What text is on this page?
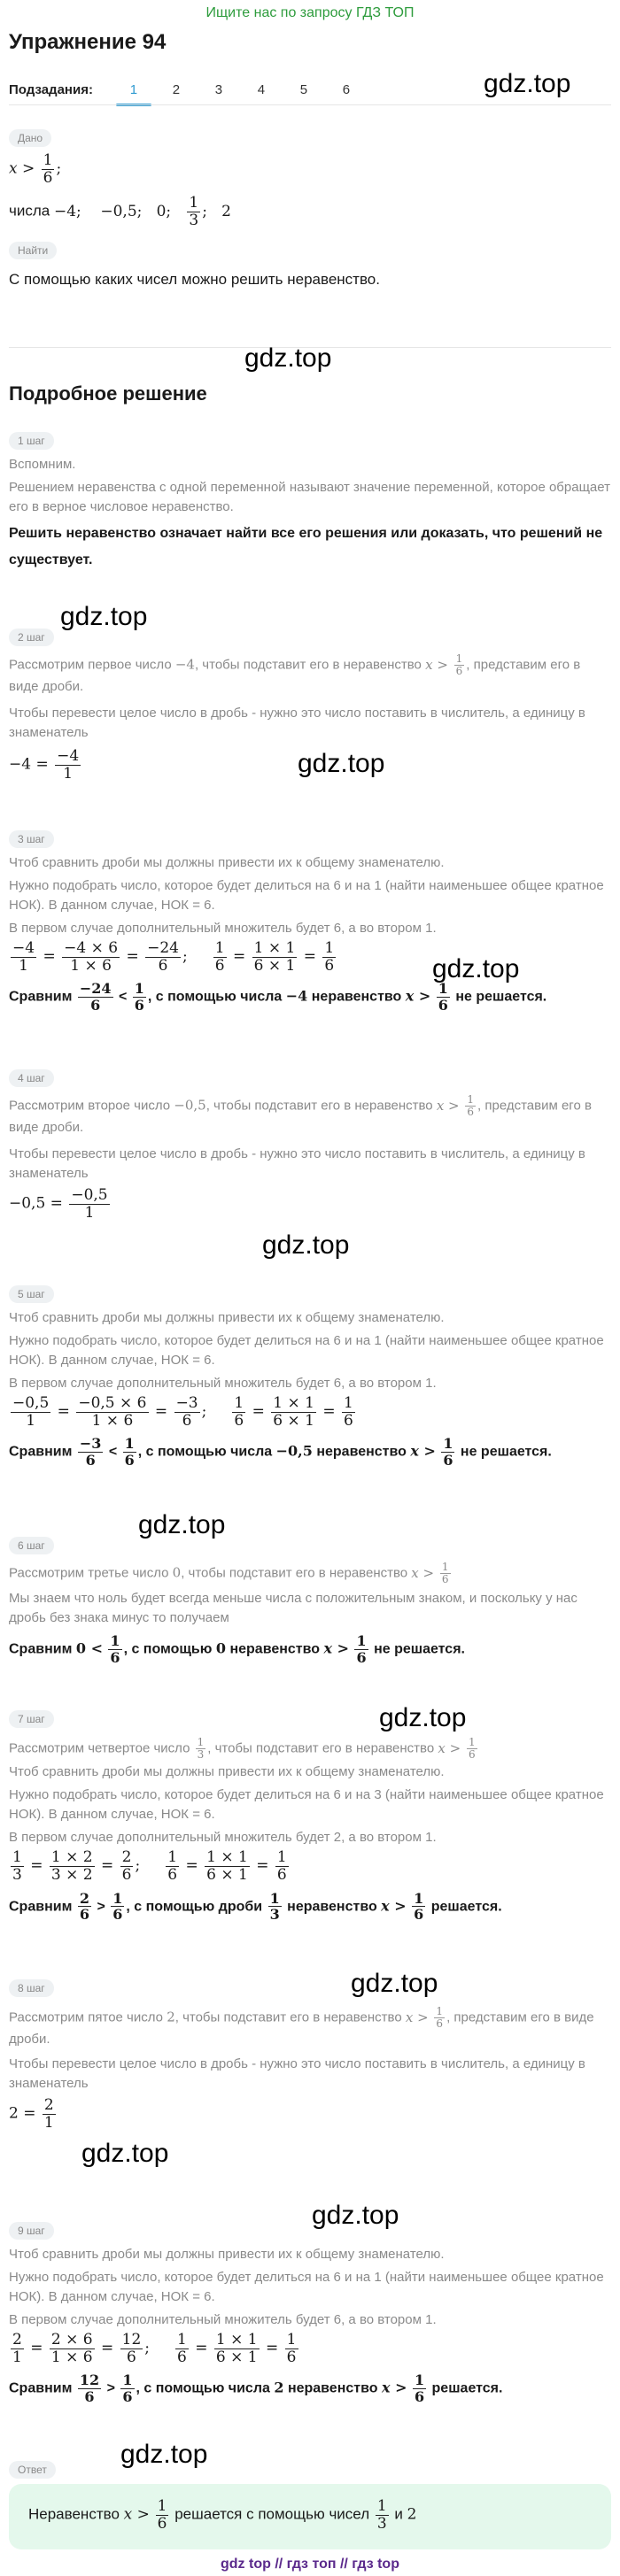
Ищите нас по запросу ГДЗ ТОП
Упражнение 94
Подзадания:	1	2	3	4	5	6	gdz.top
Дано
$x > \frac{1}{6}$ ;
числа −4;    −0,5;   0; $\frac{1}{3}$ ;   2
Найти
С помощью каких чисел можно решить неравенство.
gdz.top
Подробное решение
1 шаг
Вспомним.
Решением неравенства с одной переменной называют значение переменной, которое обращает его в верное числовое неравенство.
Решить неравенство означает найти все его решения или доказать, что решений не существует.
2 шаг
Рассмотрим первое число −4, чтобы подставит его в неравенство $x > \frac{1}{6}$ , представим его в виде дроби.
Чтобы перевести целое число в дробь - нужно это число поставить в числитель, а единицу в знаменатель
$-4 = \frac{-4}{1}$
gdz.top
gdz.top
3 шаг
Чтоб сравнить дроби мы должны привести их к общему знаменателю.
Нужно подобрать число, которое будет делиться на 6 и на 1 (найти наименьшее общее кратное НОК). В данном случае, НОК = 6.
В первом случае дополнительный множитель будет 6, а во втором 1.
$\frac{-4}{1} = \frac{-4 \times 6}{1 \times 6} = \frac{-24}{6}$ ; $\frac{1}{6} = \frac{1 \times 1}{6 \times 1} = \frac{1}{6}$
Сравним $\frac{-24}{6} < \frac{1}{6}$ , с помощью числа −4 неравенство $x > \frac{1}{6}$ не решается.
gdz.top
4 шаг
Рассмотрим второе число −0,5, чтобы подставит его в неравенство $x > \frac{1}{6}$ , представим его в виде дроби.
Чтобы перевести целое число в дробь - нужно это число поставить в числитель, а единицу в знаменатель
$-0,5 = \frac{-0,5}{1}$
gdz.top
5 шаг
Чтоб сравнить дроби мы должны привести их к общему знаменателю.
Нужно подобрать число, которое будет делиться на 6 и на 1 (найти наименьшее общее кратное НОК). В данном случае, НОК = 6.
В первом случае дополнительный множитель будет 6, а во втором 1.
$\frac{-0,5}{1} = \frac{-0,5 \times 6}{1 \times 6} = \frac{-3}{6}$ ; $\frac{1}{6} = \frac{1 \times 1}{6 \times 1} = \frac{1}{6}$
Сравним $\frac{-3}{6} < \frac{1}{6}$ , с помощью числа −0,5 неравенство $x > \frac{1}{6}$ не решается.
gdz.top
6 шаг
Рассмотрим третье число 0, чтобы подставит его в неравенство $x > \frac{1}{6}$
Мы знаем что ноль будет всегда меньше числа с положительным знаком, и поскольку у нас дробь без знака минус то получаем
Сравним $0 < \frac{1}{6}$ , с помощью 0 неравенство $x > \frac{1}{6}$ не решается.
gdz.top
7 шаг
Рассмотрим четвертое число $\frac{1}{3}$ , чтобы подставит его в неравенство $x > \frac{1}{6}$
Чтоб сравнить дроби мы должны привести их к общему знаменателю.
Нужно подобрать число, которое будет делиться на 6 и на 3 (найти наименьшее общее кратное НОК). В данном случае, НОК = 6.
В первом случае дополнительный множитель будет 2, а во втором 1.
$\frac{1}{3} = \frac{1 \times 2}{3 \times 2} = \frac{2}{6}$ ; $\frac{1}{6} = \frac{1 \times 1}{6 \times 1} = \frac{1}{6}$
Сравним $\frac{2}{6} > \frac{1}{6}$ , с помощью дроби $\frac{1}{3}$ неравенство $x > \frac{1}{6}$ решается.
gdz.top
8 шаг
Рассмотрим пятое число 2, чтобы подставит его в неравенство $x > \frac{1}{6}$ , представим его в виде дроби.
Чтобы перевести целое число в дробь - нужно это число поставить в числитель, а единицу в знаменатель
$2 = \frac{2}{1}$
gdz.top
gdz.top
9 шаг
Чтоб сравнить дроби мы должны привести их к общему знаменателю.
Нужно подобрать число, которое будет делиться на 6 и на 1 (найти наименьшее общее кратное НОК). В данном случае, НОК = 6.
В первом случае дополнительный множитель будет 6, а во втором 1.
$\frac{2}{1} = \frac{2 \times 6}{1 \times 6} = \frac{12}{6}$ ; $\frac{1}{6} = \frac{1 \times 1}{6 \times 1} = \frac{1}{6}$
Сравним $\frac{12}{6} > \frac{1}{6}$ , с помощью числа 2 неравенство $x > \frac{1}{6}$ решается.
Ответ
gdz.top
Неравенство $x > \frac{1}{6}$ решается с помощью чисел $\frac{1}{3}$ и 2
gdz top // гдз топ // гдз top
